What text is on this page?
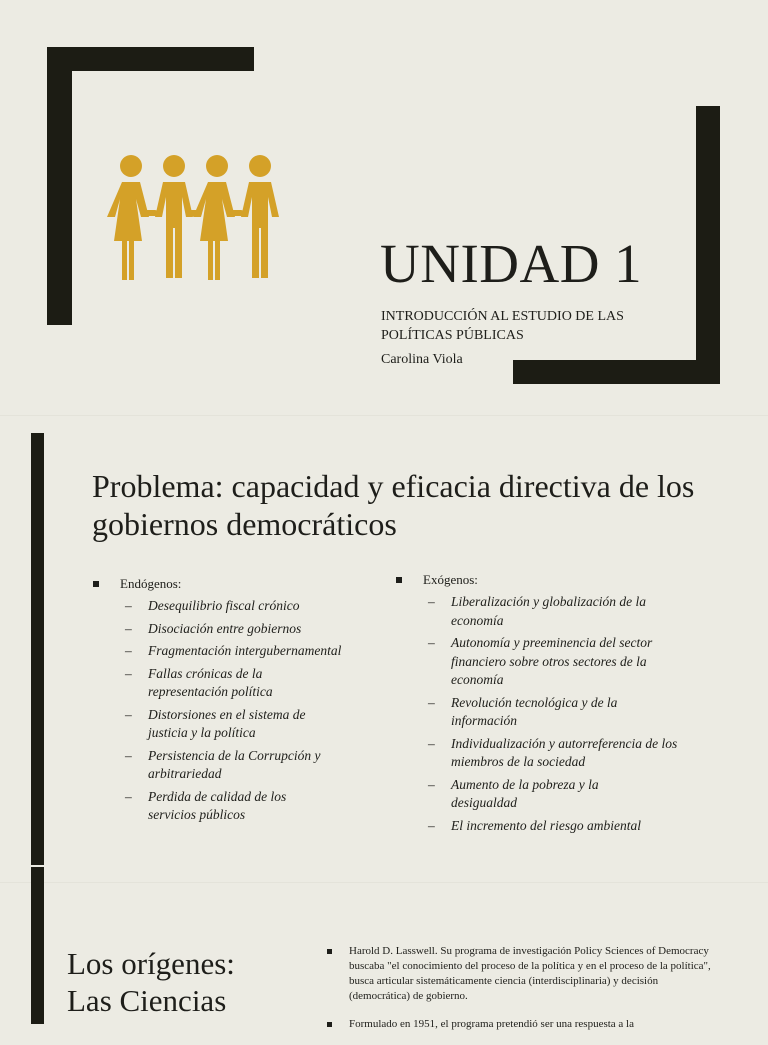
UNIDAD 1

INTRODUCCIÓN AL ESTUDIO DE LAS POLÍTICAS PÚBLICAS

Carolina Viola

Problema: capacidad y eficacia directiva de los gobiernos democráticos
Endógenos:
– Desequilibrio fiscal crónico
– Disociación entre gobiernos
– Fragmentación intergubernamental
– Fallas crónicas de la representación política
– Distorsiones en el sistema de justicia y la política
– Persistencia de la Corrupción y arbitrariedad
– Perdida de calidad de los servicios públicos
Exógenos:
– Liberalización y globalización de la economía
– Autonomía y preeminencia del sector financiero sobre otros sectores de la economía
– Revolución tecnológica y de la información
– Individualización y autorreferencia de los miembros de la sociedad
– Aumento de la pobreza y la desigualdad
– El incremento del riesgo ambiental
Los orígenes:
Las Ciencias
Harold D. Lasswell. Su programa de investigación Policy Sciences of Democracy buscaba "el conocimiento del proceso de la política y en el proceso de la política", busca articular sistemáticamente ciencia (interdisciplinaria) y decisión (democrática) de gobierno.
Formulado en 1951, el programa pretendió ser una respuesta a la
